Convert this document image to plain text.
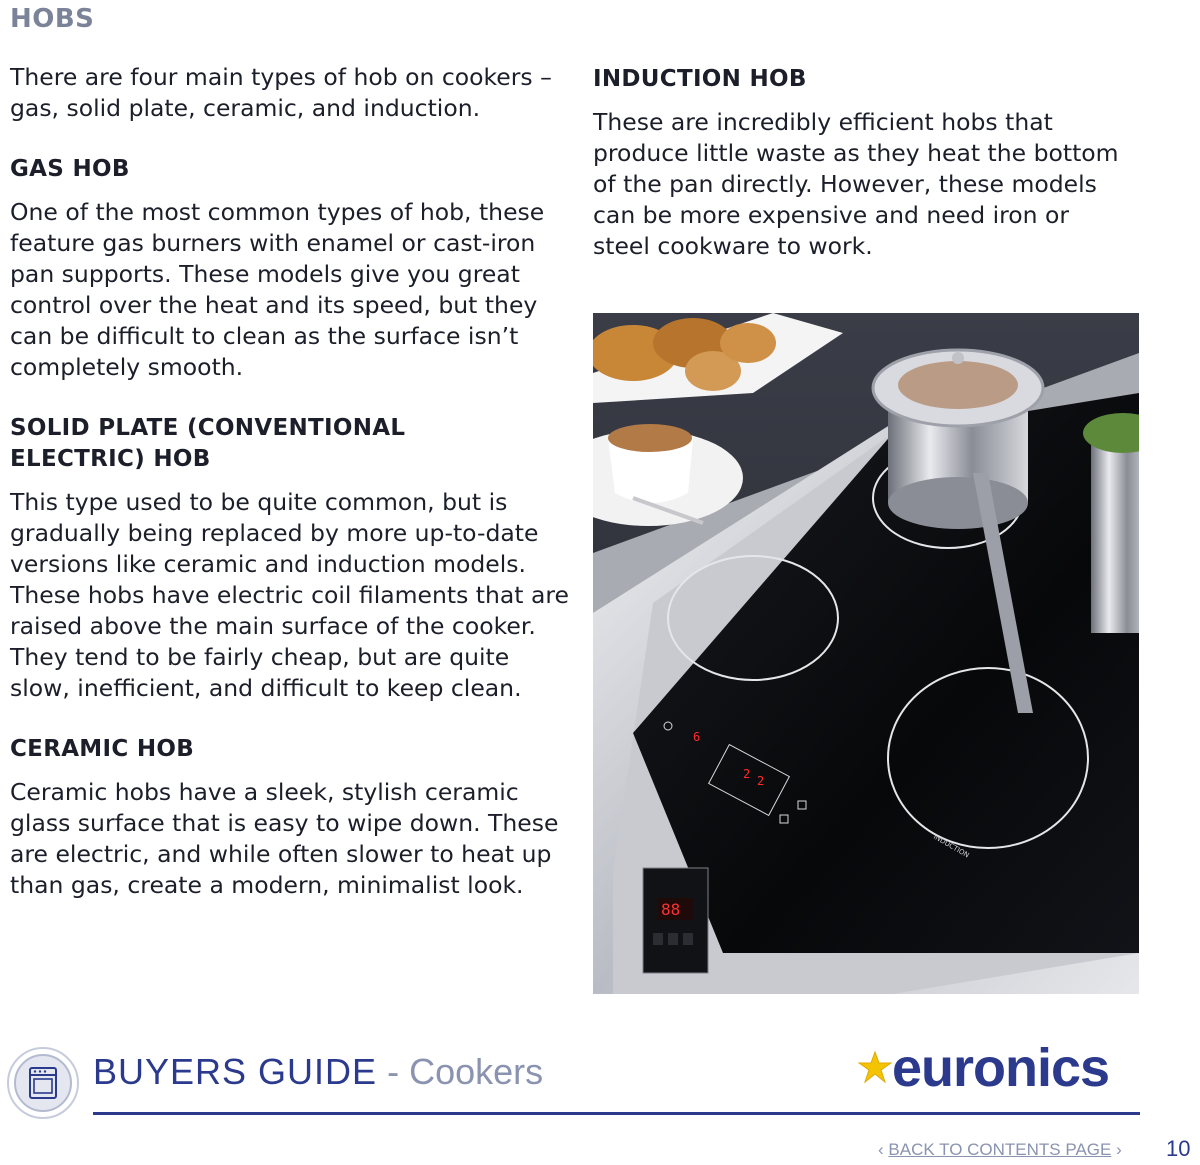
HOBS

There are four main types of hob on cookers – gas, solid plate, ceramic, and induction.

GAS HOB

One of the most common types of hob, these feature gas burners with enamel or cast-iron pan supports. These models give you great control over the heat and its speed, but they can be difficult to clean as the surface isn’t completely smooth.

SOLID PLATE (CONVENTIONAL ELECTRIC) HOB

This type used to be quite common, but is gradually being replaced by more up-to-date versions like ceramic and induction models. These hobs have electric coil filaments that are raised above the main surface of the cooker. They tend to be fairly cheap, but are quite slow, inefficient, and difficult to keep clean.

CERAMIC HOB

Ceramic hobs have a sleek, stylish ceramic glass surface that is easy to wipe down. These are electric, and while often slower to heat up than gas, create a modern, minimalist look.

INDUCTION HOB

These are incredibly efficient hobs that produce little waste as they heat the bottom of the pan directly. However, these models can be more expensive and need iron or steel cookware to work.

INDUCTION
6
2 2
88
BUYERS GUIDE - Cookers	euronics
‹ BACK TO CONTENTS PAGE › 10
